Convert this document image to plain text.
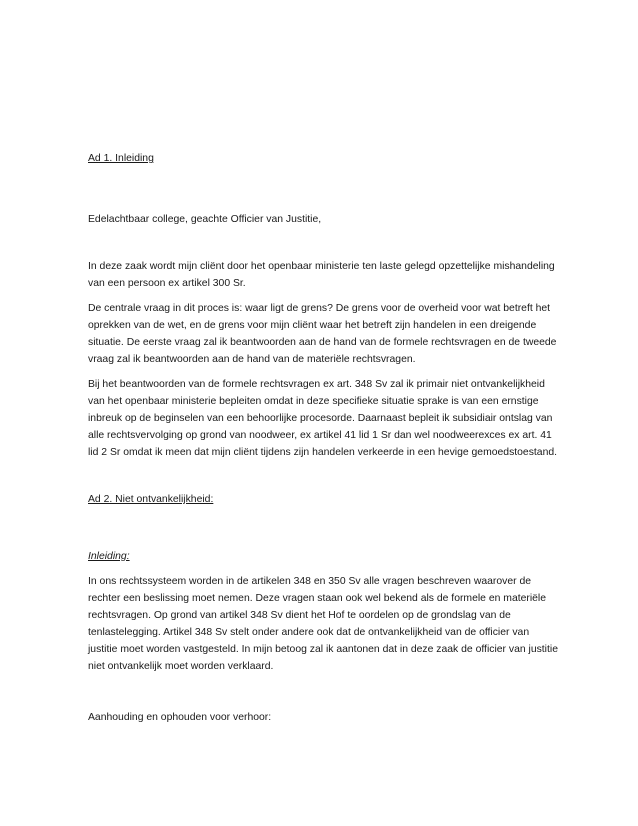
Ad 1. Inleiding

Edelachtbaar college, geachte Officier van Justitie,

In deze zaak wordt mijn cliënt door het openbaar ministerie ten laste gelegd opzettelijke mishandeling van een persoon ex artikel 300 Sr.

De centrale vraag in dit proces is: waar ligt de grens? De grens voor de overheid voor wat betreft het oprekken van de wet, en de grens voor mijn cliënt waar het betreft zijn handelen in een dreigende situatie. De eerste vraag zal ik beantwoorden aan de hand van de formele rechtsvragen en de tweede vraag zal ik beantwoorden aan de hand van de materiële rechtsvragen.

Bij het beantwoorden van de formele rechtsvragen ex art. 348 Sv zal ik primair niet ontvankelijkheid van het openbaar ministerie bepleiten omdat in deze specifieke situatie sprake is van een ernstige inbreuk op de beginselen van een behoorlijke procesorde. Daarnaast bepleit ik subsidiair ontslag van alle rechtsvervolging op grond van noodweer, ex artikel 41 lid 1 Sr dan wel noodweerexces ex art. 41 lid 2 Sr omdat ik meen dat mijn cliënt tijdens zijn handelen verkeerde in een hevige gemoedstoestand.

Ad 2. Niet ontvankelijkheid:

Inleiding:

In ons rechtssysteem worden in de artikelen 348 en 350 Sv alle vragen beschreven waarover de rechter een beslissing moet nemen. Deze vragen staan ook wel bekend als de formele en materiële rechtsvragen. Op grond van artikel 348 Sv dient het Hof te oordelen op de grondslag van de tenlastelegging. Artikel 348 Sv stelt onder andere ook dat de ontvankelijkheid van de officier van justitie moet worden vastgesteld. In mijn betoog zal ik aantonen dat in deze zaak de officier van justitie niet ontvankelijk moet worden verklaard.

Aanhouding en ophouden voor verhoor:
